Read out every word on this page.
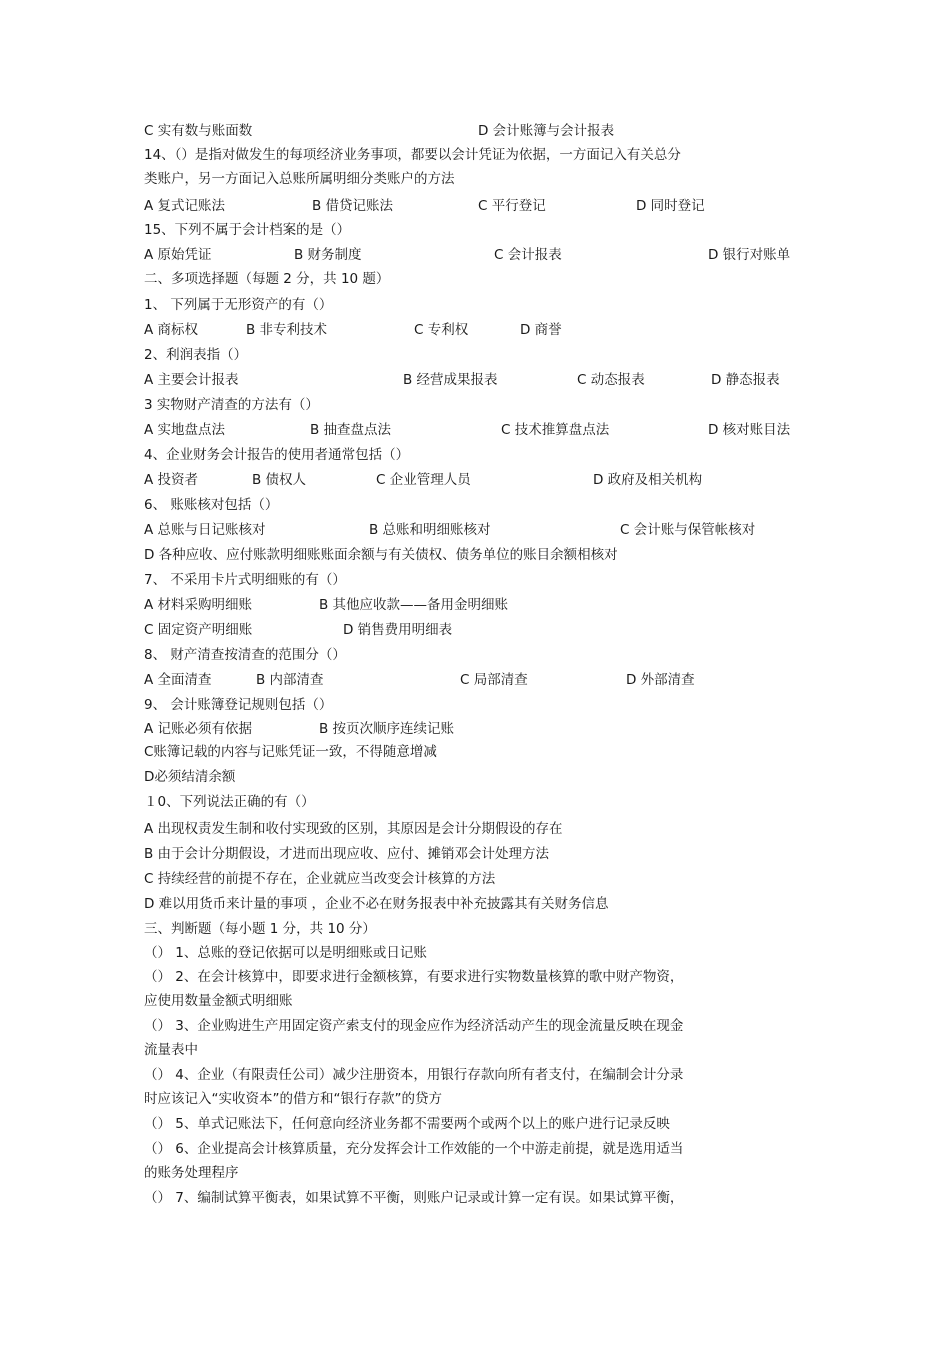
C 实有数与账面数	D 会计账簿与会计报表
14、（）是指对做发生的每项经济业务事项，都要以会计凭证为依据，一方面记入有关总分
类账户，另一方面记入总账所属明细分类账户的方法
A 复式记账法	B 借贷记账法	C 平行登记	D 同时登记
15、下列不属于会计档案的是（）
A 原始凭证	B 财务制度	C 会计报表	D 银行对账单
二、多项选择题（每题 2 分，共 10 题）
1、 下列属于无形资产的有（）
A 商标权	B 非专利技术	C 专利权	D 商誉
2、利润表指（）
A 主要会计报表	B 经营成果报表	C 动态报表	D 静态报表
3 实物财产清查的方法有（）
A 实地盘点法	B 抽查盘点法	C 技术推算盘点法	D 核对账目法
4、企业财务会计报告的使用者通常包括（）
A 投资者	B 债权人	C 企业管理人员	D 政府及相关机构
6、 账账核对包括（）
A 总账与日记账核对	B 总账和明细账核对	C 会计账与保管帐核对
D 各种应收、应付账款明细账账面余额与有关债权、债务单位的账目余额相核对
7、 不采用卡片式明细账的有（）
A 材料采购明细账	B 其他应收款——备用金明细账
C 固定资产明细账	D 销售费用明细表
8、 财产清查按清查的范围分（）
A 全面清查	B 内部清查	C 局部清查	D 外部清查
9、 会计账簿登记规则包括（）
A 记账必须有依据	B 按页次顺序连续记账
C账簿记载的内容与记账凭证一致，不得随意增减
D必须结清余额
１0、下列说法正确的有（）
A 出现权责发生制和收付实现致的区别，其原因是会计分期假设的存在
B 由于会计分期假设，才进而出现应收、应付、摊销邓会计处理方法
C 持续经营的前提不存在，企业就应当改变会计核算的方法
D 难以用货币来计量的事项 ，企业不必在财务报表中补充披露其有关财务信息
三、判断题（每小题 1 分，共 10 分）
（） 1、总账的登记依据可以是明细账或日记账
（） 2、在会计核算中，即要求进行金额核算，有要求进行实物数量核算的歌中财产物资，
应使用数量金额式明细账
（） 3、企业购进生产用固定资产索支付的现金应作为经济活动产生的现金流量反映在现金
流量表中
（） 4、企业（有限责任公司）减少注册资本，用银行存款向所有者支付，在编制会计分录
时应该记入“实收资本”的借方和“银行存款”的贷方
（） 5、单式记账法下，任何意向经济业务都不需要两个或两个以上的账户进行记录反映
（） 6、企业提高会计核算质量，充分发挥会计工作效能的一个中游走前提，就是选用适当
的账务处理程序
（） 7、编制试算平衡表，如果试算不平衡，则账户记录或计算一定有误。如果试算平衡，
